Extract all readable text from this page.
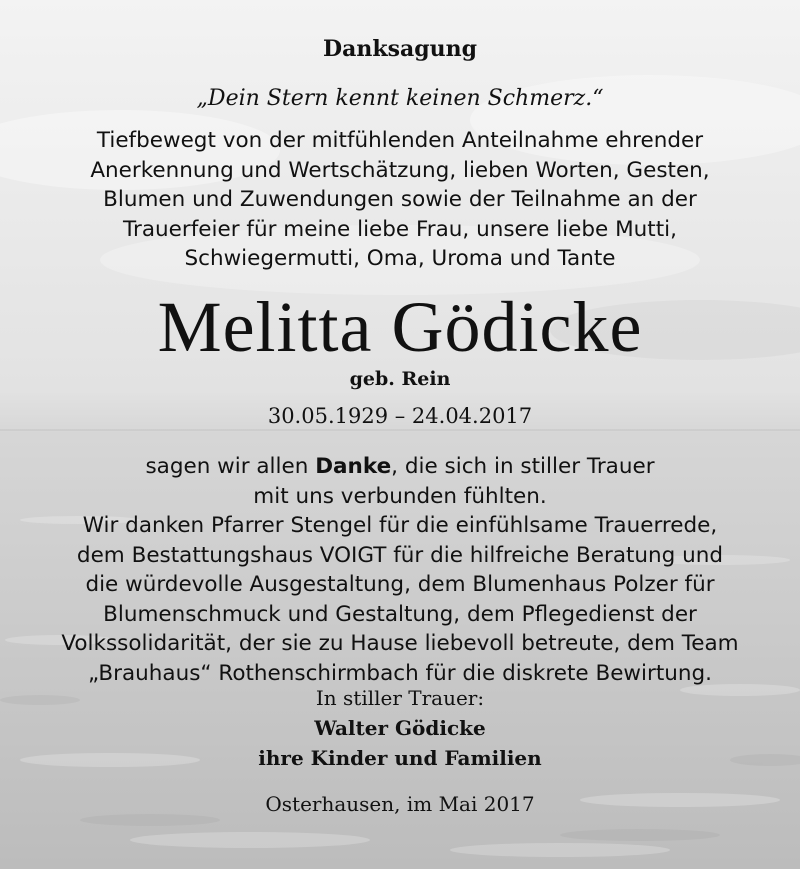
Danksagung
„Dein Stern kennt keinen Schmerz.“
Tiefbewegt von der mitfühlenden Anteilnahme ehrender
Anerkennung und Wertschätzung, lieben Worten, Gesten,
Blumen und Zuwendungen sowie der Teilnahme an der
Trauerfeier für meine liebe Frau, unsere liebe Mutti,
Schwiegermutti, Oma, Uroma und Tante
Melitta Gödicke
geb. Rein
30.05.1929 – 24.04.2017
sagen wir allen Danke, die sich in stiller Trauer
mit uns verbunden fühlten.
Wir danken Pfarrer Stengel für die einfühlsame Trauerrede,
dem Bestattungshaus VOIGT für die hilfreiche Beratung und
die würdevolle Ausgestaltung, dem Blumenhaus Polzer für
Blumenschmuck und Gestaltung, dem Pflegedienst der
Volkssolidarität, der sie zu Hause liebevoll betreute, dem Team
„Brauhaus“ Rothenschirmbach für die diskrete Bewirtung.
In stiller Trauer:
Walter Gödicke
ihre Kinder und Familien
Osterhausen, im Mai 2017
